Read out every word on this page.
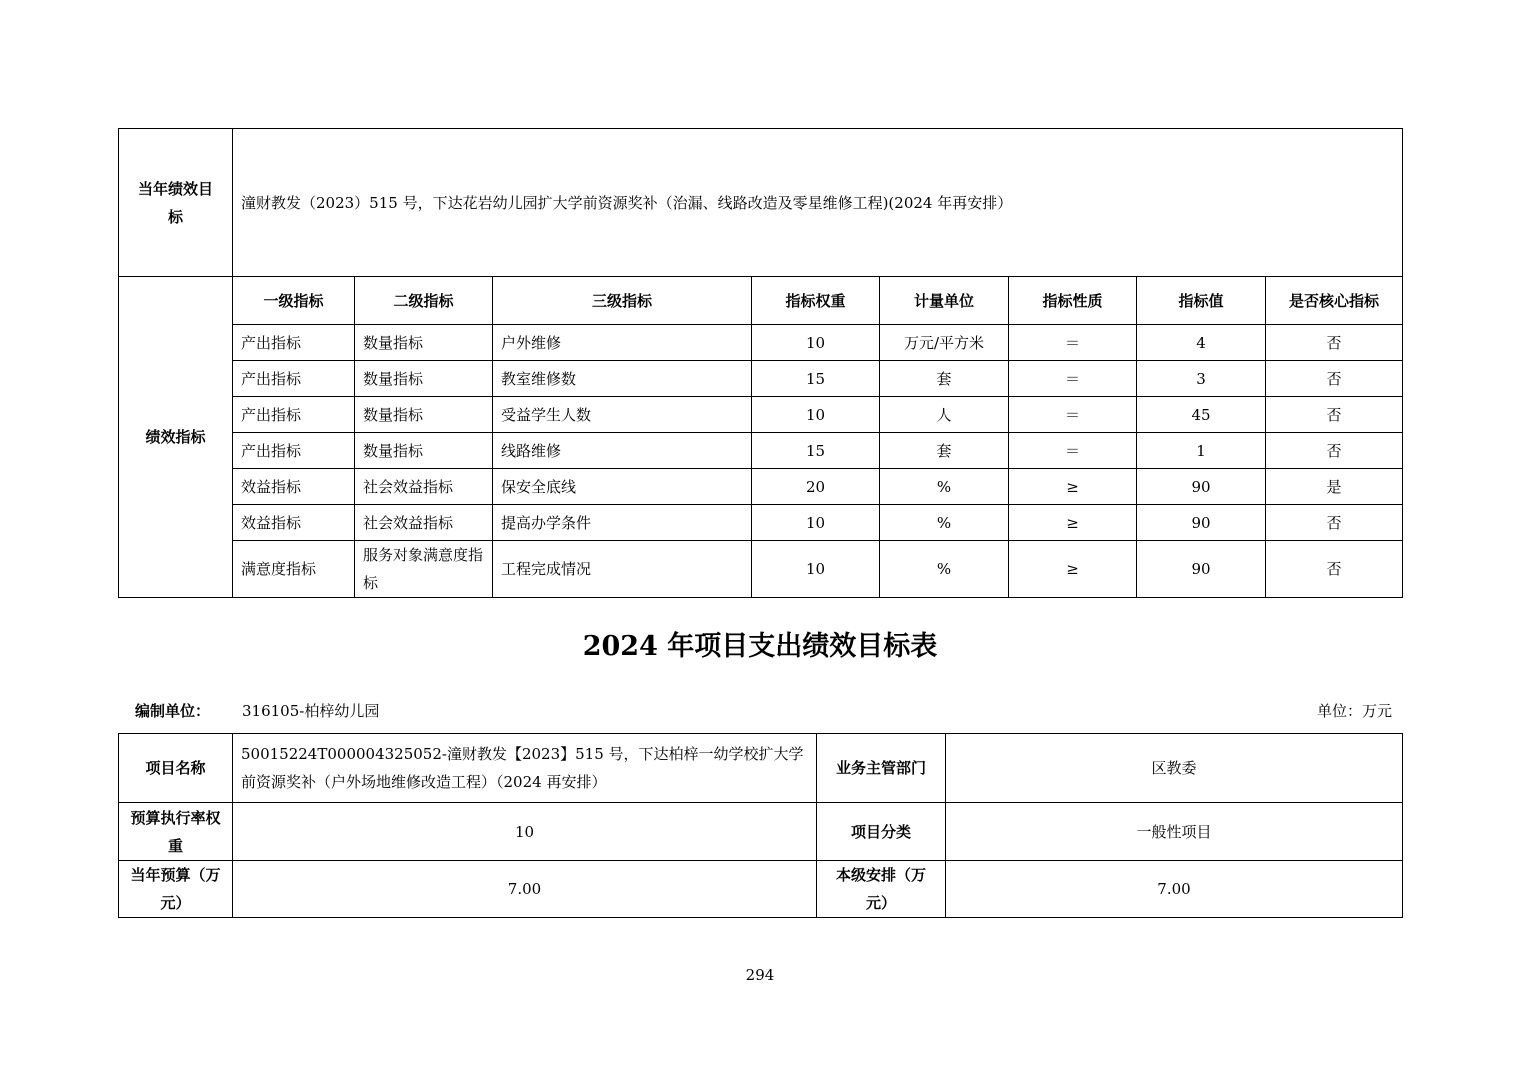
当年绩效目标	潼财教发（2023）515 号，下达花岩幼儿园扩大学前资源奖补（治漏、线路改造及零星维修工程)(2024 年再安排）							
绩效指标	一级指标	二级指标	三级指标	指标权重	计量单位	指标性质	指标值	是否核心指标
	产出指标	数量指标	户外维修	10	万元/平方米	＝	4	否
	产出指标	数量指标	教室维修数	15	套	＝	3	否
	产出指标	数量指标	受益学生人数	10	人	＝	45	否
	产出指标	数量指标	线路维修	15	套	＝	1	否
	效益指标	社会效益指标	保安全底线	20	%	≥	90	是
	效益指标	社会效益指标	提高办学条件	10	%	≥	90	否
	满意度指标	服务对象满意度指标	工程完成情况	10	%	≥	90	否
2024 年项目支出绩效目标表
编制单位： 316105-柏梓幼儿园	单位：万元
项目名称	50015224T000004325052-潼财教发【2023】515 号，下达柏梓一幼学校扩大学前资源奖补（户外场地维修改造工程）（2024 再安排）	业务主管部门	区教委
预算执行率权重	10	项目分类	一般性项目
当年预算（万元）	7.00	本级安排（万元）	7.00
294
